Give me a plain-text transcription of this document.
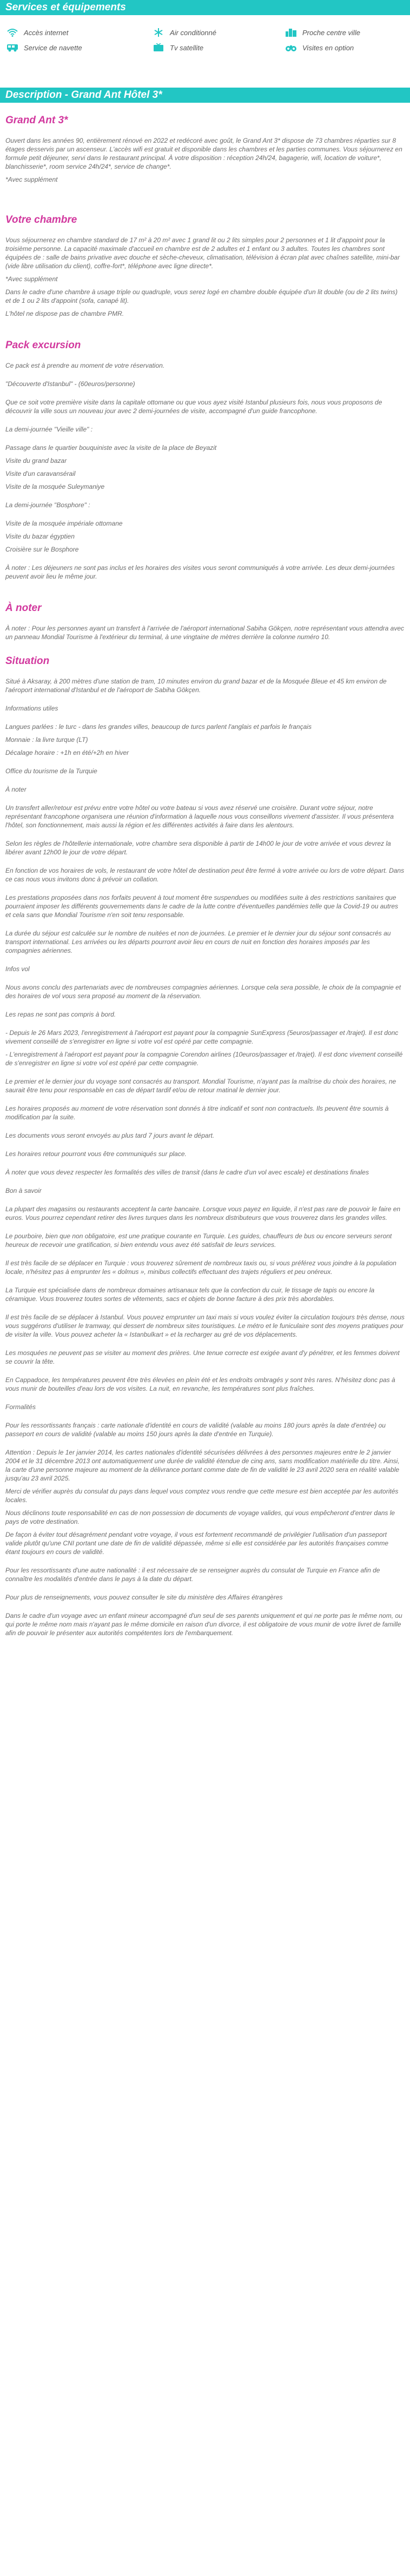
Services et équipements
Accès internet	Air conditionné	Proche centre ville
Service de navette	Tv satellite	Visites en option
Description - Grand Ant Hôtel 3*
Grand Ant 3*

Ouvert dans les années 90, entièrement rénové en 2022 et redécoré avec goût, le Grand Ant 3* dispose de 73 chambres réparties sur 8 étages desservis par un ascenseur. L'accès wifi est gratuit et disponible dans les chambres et les parties communes. Vous séjournerez en formule petit déjeuner, servi dans le restaurant principal. À votre disposition : réception 24h/24, bagagerie, wifi, location de voiture*, blanchisserie*, room service 24h/24*, service de change*.

*Avec supplément

Votre chambre

Vous séjournerez en chambre standard de 17 m² à 20 m² avec 1 grand lit ou 2 lits simples pour 2 personnes et 1 lit d'appoint pour la troisième personne. La capacité maximale d'accueil en chambre est de 2 adultes et 1 enfant ou 3 adultes. Toutes les chambres sont équipées de : salle de bains privative avec douche et sèche-cheveux, climatisation, télévision à écran plat avec chaînes satellite, mini-bar (vide libre utilisation du client), coffre-fort*, téléphone avec ligne directe*.

*Avec supplément

Dans le cadre d'une chambre à usage triple ou quadruple, vous serez logé en chambre double équipée d'un lit double (ou de 2 lits twins) et de 1 ou 2 lits d'appoint (sofa, canapé lit).

L'hôtel ne dispose pas de chambre PMR.

Pack excursion

Ce pack est à prendre au moment de votre réservation.

"Découverte d'Istanbul" - (60euros/personne)

Que ce soit votre première visite dans la capitale ottomane ou que vous ayez visité Istanbul plusieurs fois, nous vous proposons de découvrir la ville sous un nouveau jour avec 2 demi-journées de visite, accompagné d'un guide francophone.

La demi-journée "Vieille ville" :

Passage dans le quartier bouquiniste avec la visite de la place de Beyazit

Visite du grand bazar

Visite d'un caravansérail

Visite de la mosquée Suleymaniye

La demi-journée "Bosphore" :

Visite de la mosquée impériale ottomane

Visite du bazar égyptien

Croisière sur le Bosphore

À noter : Les déjeuners ne sont pas inclus et les horaires des visites vous seront communiqués à votre arrivée. Les deux demi-journées peuvent avoir lieu le même jour.

À noter

À noter : Pour les personnes ayant un transfert à l'arrivée de l'aéroport international Sabiha Gökçen, notre représentant vous attendra avec un panneau Mondial Tourisme à l'extérieur du terminal, à une vingtaine de mètres derrière la colonne numéro 10.

Situation

Situé à Aksaray, à 200 mètres d'une station de tram, 10 minutes environ du grand bazar et de la Mosquée Bleue et 45 km environ de l'aéroport international d'Istanbul et de l'aéroport de Sabiha Gökçen.

Informations utiles

Langues parlées : le turc - dans les grandes villes, beaucoup de turcs parlent l'anglais et parfois le français

Monnaie : la livre turque (LT)

Décalage horaire : +1h en été/+2h en hiver

Office du tourisme de la Turquie

À noter

Un transfert aller/retour est prévu entre votre hôtel ou votre bateau si vous avez réservé une croisière. Durant votre séjour, notre représentant francophone organisera une réunion d'information à laquelle nous vous conseillons vivement d'assister. Il vous présentera l'hôtel, son fonctionnement, mais aussi la région et les différentes activités à faire dans les alentours.

Selon les règles de l'hôtellerie internationale, votre chambre sera disponible à partir de 14h00 le jour de votre arrivée et vous devrez la libérer avant 12h00 le jour de votre départ.

En fonction de vos horaires de vols, le restaurant de votre hôtel de destination peut être fermé à votre arrivée ou lors de votre départ. Dans ce cas nous vous invitons donc à prévoir un collation.

Les prestations proposées dans nos forfaits peuvent à tout moment être suspendues ou modifiées suite à des restrictions sanitaires que pourraient imposer les différents gouvernements dans le cadre de la lutte contre d'éventuelles pandémies telle que la Covid-19 ou autres et cela sans que Mondial Tourisme n'en soit tenu responsable.

La durée du séjour est calculée sur le nombre de nuitées et non de journées. Le premier et le dernier jour du séjour sont consacrés au transport international. Les arrivées ou les départs pourront avoir lieu en cours de nuit en fonction des horaires imposés par les compagnies aériennes.

Infos vol

Nous avons conclu des partenariats avec de nombreuses compagnies aériennes. Lorsque cela sera possible, le choix de la compagnie et des horaires de vol vous sera proposé au moment de la réservation.

Les repas ne sont pas compris à bord.

- Depuis le 26 Mars 2023, l'enregistrement à l'aéroport est payant pour la compagnie SunExpress (5euros/passager et /trajet). Il est donc vivement conseillé de s'enregistrer en ligne si votre vol est opéré par cette compagnie.

- L'enregistrement à l'aéroport est payant pour la compagnie Corendon airlines (10euros/passager et /trajet). Il est donc vivement conseillé de s'enregistrer en ligne si votre vol est opéré par cette compagnie.

Le premier et le dernier jour du voyage sont consacrés au transport. Mondial Tourisme, n'ayant pas la maîtrise du choix des horaires, ne saurait être tenu pour responsable en cas de départ tardif et/ou de retour matinal le dernier jour.

Les horaires proposés au moment de votre réservation sont donnés à titre indicatif et sont non contractuels. Ils peuvent être soumis à modification par la suite.

Les documents vous seront envoyés au plus tard 7 jours avant le départ.

Les horaires retour pourront vous être communiqués sur place.

À noter que vous devez respecter les formalités des villes de transit (dans le cadre d'un vol avec escale) et destinations finales

Bon à savoir

La plupart des magasins ou restaurants acceptent la carte bancaire. Lorsque vous payez en liquide, il n'est pas rare de pouvoir le faire en euros. Vous pourrez cependant retirer des livres turques dans les nombreux distributeurs que vous trouverez dans les grandes villes.

Le pourboire, bien que non obligatoire, est une pratique courante en Turquie. Les guides, chauffeurs de bus ou encore serveurs seront heureux de recevoir une gratification, si bien entendu vous avez été satisfait de leurs services.

Il est très facile de se déplacer en Turquie : vous trouverez sûrement de nombreux taxis ou, si vous préférez vous joindre à la population locale, n'hésitez pas à emprunter les « dolmus », minibus collectifs effectuant des trajets réguliers et peu onéreux.

La Turquie est spécialisée dans de nombreux domaines artisanaux tels que la confection du cuir, le tissage de tapis ou encore la céramique. Vous trouverez toutes sortes de vêtements, sacs et objets de bonne facture à des prix très abordables.

Il est très facile de se déplacer à Istanbul. Vous pouvez emprunter un taxi mais si vous voulez éviter la circulation toujours très dense, nous vous suggérons d'utiliser le tramway, qui dessert de nombreux sites touristiques. Le métro et le funiculaire sont des moyens pratiques pour de visiter la ville. Vous pouvez acheter la « Istanbulkart » et la recharger au gré de vos déplacements.

Les mosquées ne peuvent pas se visiter au moment des prières. Une tenue correcte est exigée avant d'y pénétrer, et les femmes doivent se couvrir la tête.

En Cappadoce, les températures peuvent être très élevées en plein été et les endroits ombragés y sont très rares. N'hésitez donc pas à vous munir de bouteilles d'eau lors de vos visites. La nuit, en revanche, les températures sont plus fraîches.

Formalités

Pour les ressortissants français : carte nationale d'identité en cours de validité (valable au moins 180 jours après la date d'entrée) ou passeport en cours de validité (valable au moins 150 jours après la date d'entrée en Turquie).

Attention : Depuis le 1er janvier 2014, les cartes nationales d'identité sécurisées délivrées à des personnes majeures entre le 2 janvier 2004 et le 31 décembre 2013 ont automatiquement une durée de validité étendue de cinq ans, sans modification matérielle du titre. Ainsi, la carte d'une personne majeure au moment de la délivrance portant comme date de fin de validité le 23 avril 2020 sera en réalité valable jusqu'au 23 avril 2025.

Merci de vérifier auprès du consulat du pays dans lequel vous comptez vous rendre que cette mesure est bien acceptée par les autorités locales.

Nous déclinons toute responsabilité en cas de non possession de documents de voyage valides, qui vous empêcheront d'entrer dans le pays de votre destination.

De façon à éviter tout désagrément pendant votre voyage, il vous est fortement recommandé de privilégier l'utilisation d'un passeport valide plutôt qu'une CNI portant une date de fin de validité dépassée, même si elle est considérée par les autorités françaises comme étant toujours en cours de validité.

Pour les ressortissants d'une autre nationalité : il est nécessaire de se renseigner auprès du consulat de Turquie en France afin de connaître les modalités d'entrée dans le pays à la date du départ.

Pour plus de renseignements, vous pouvez consulter le site du ministère des Affaires étrangères

Dans le cadre d'un voyage avec un enfant mineur accompagné d'un seul de ses parents uniquement et qui ne porte pas le même nom, ou qui porte le même nom mais n'ayant pas le même domicile en raison d'un divorce, il est obligatoire de vous munir de votre livret de famille afin de pouvoir le présenter aux autorités compétentes lors de l'embarquement.
